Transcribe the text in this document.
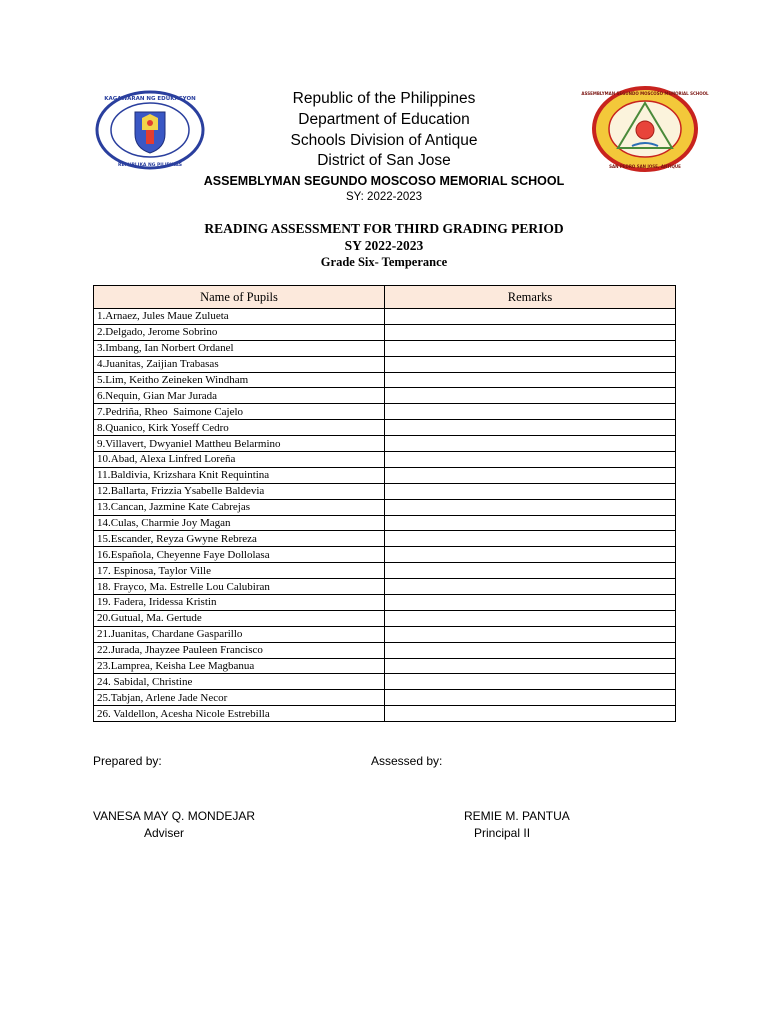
KAGAWARAN NG EDUKASYON
REPUBLIKA NG PILIPINAS
ASSEMBLYMAN SEGUNDO MOSCOSO MEMORIAL SCHOOL
SAN PEDRO SAN JOSE, ANTIQUE
Republic of the Philippines
Department of Education
Schools Division of Antique
District of San Jose
ASSEMBLYMAN SEGUNDO MOSCOSO MEMORIAL SCHOOL
SY: 2022-2023
READING ASSESSMENT FOR THIRD GRADING PERIOD
SY 2022-2023
Grade Six- Temperance
Name of Pupils	Remarks
1.Arnaez, Jules Maue Zulueta	
2.Delgado, Jerome Sobrino	
3.Imbang, Ian Norbert Ordanel	
4.Juanitas, Zaijian Trabasas	
5.Lim, Keitho Zeineken Windham	
6.Nequin, Gian Mar Jurada	
7.Pedriña, Rheo  Saimone Cajelo	
8.Quanico, Kirk Yoseff Cedro	
9.Villavert, Dwyaniel Mattheu Belarmino	
10.Abad, Alexa Linfred Loreña	
11.Baldivia, Krizshara Knit Requintina	
12.Ballarta, Frizzia Ysabelle Baldevia	
13.Cancan, Jazmine Kate Cabrejas	
14.Culas, Charmie Joy Magan	
15.Escander, Reyza Gwyne Rebreza	
16.Española, Cheyenne Faye Dollolasa	
17. Espinosa, Taylor Ville	
18. Frayco, Ma. Estrelle Lou Calubiran	
19. Fadera, Iridessa Kristin	
20.Gutual, Ma. Gertude	
21.Juanitas, Chardane Gasparillo	
22.Jurada, Jhayzee Pauleen Francisco	
23.Lamprea, Keisha Lee Magbanua	
24. Sabidal, Christine	
25.Tabjan, Arlene Jade Necor	
26. Valdellon, Acesha Nicole Estrebilla	
Prepared by:	Assessed by:
VANESA MAY Q. MONDEJAR
Adviser
REMIE M. PANTUA
Principal II
